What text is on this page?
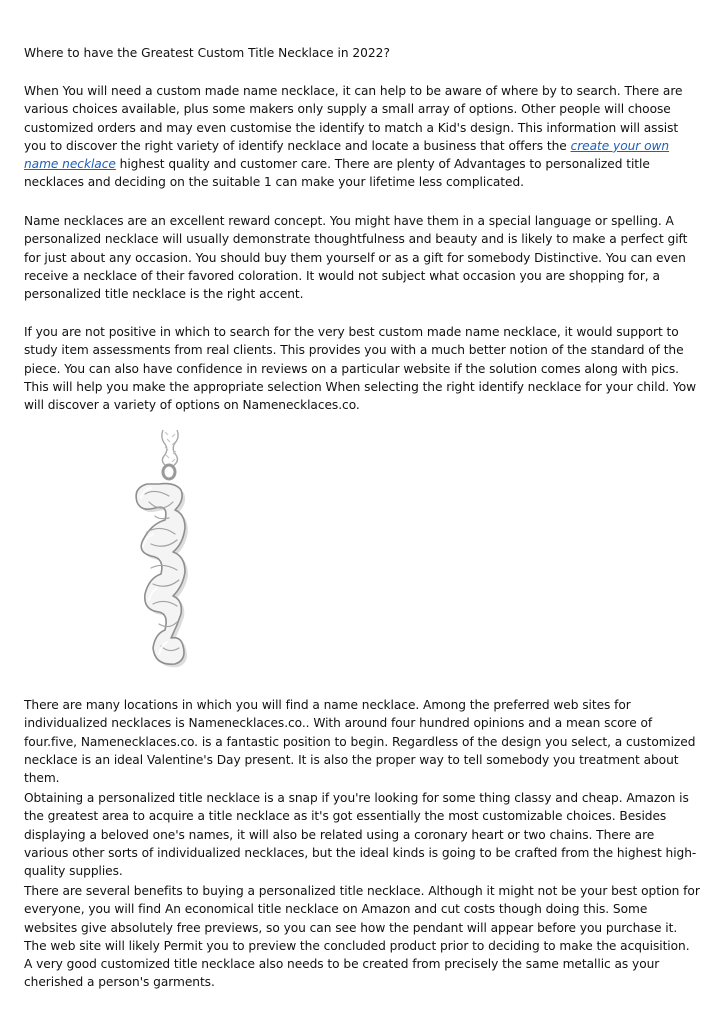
Where to have the Greatest Custom Title Necklace in 2022?

When You will need a custom made name necklace, it can help to be aware of where by to search. There are various choices available, plus some makers only supply a small array of options. Other people will choose customized orders and may even customise the identify to match a Kid's design. This information will assist you to discover the right variety of identify necklace and locate a business that offers the create your own name necklace highest quality and customer care. There are plenty of Advantages to personalized title necklaces and deciding on the suitable 1 can make your lifetime less complicated.

Name necklaces are an excellent reward concept. You might have them in a special language or spelling. A personalized necklace will usually demonstrate thoughtfulness and beauty and is likely to make a perfect gift for just about any occasion. You should buy them yourself or as a gift for somebody Distinctive. You can even receive a necklace of their favored coloration. It would not subject what occasion you are shopping for, a personalized title necklace is the right accent.

If you are not positive in which to search for the very best custom made name necklace, it would support to study item assessments from real clients. This provides you with a much better notion of the standard of the piece. You can also have confidence in reviews on a particular website if the solution comes along with pics. This will help you make the appropriate selection When selecting the right identify necklace for your child. Yow will discover a variety of options on Namenecklaces.co.

There are many locations in which you will find a name necklace. Among the preferred web sites for individualized necklaces is Namenecklaces.co.. With around four hundred opinions and a mean score of four.five, Namenecklaces.co. is a fantastic position to begin. Regardless of the design you select, a customized necklace is an ideal Valentine's Day present. It is also the proper way to tell somebody you treatment about them.

Obtaining a personalized title necklace is a snap if you're looking for some thing classy and cheap. Amazon is the greatest area to acquire a title necklace as it's got essentially the most customizable choices. Besides displaying a beloved one's names, it will also be related using a coronary heart or two chains. There are various other sorts of individualized necklaces, but the ideal kinds is going to be crafted from the highest high-quality supplies.

There are several benefits to buying a personalized title necklace. Although it might not be your best option for everyone, you will find An economical title necklace on Amazon and cut costs though doing this. Some websites give absolutely free previews, so you can see how the pendant will appear before you purchase it. The web site will likely Permit you to preview the concluded product prior to deciding to make the acquisition. A very good customized title necklace also needs to be created from precisely the same metallic as your cherished a person's garments.
